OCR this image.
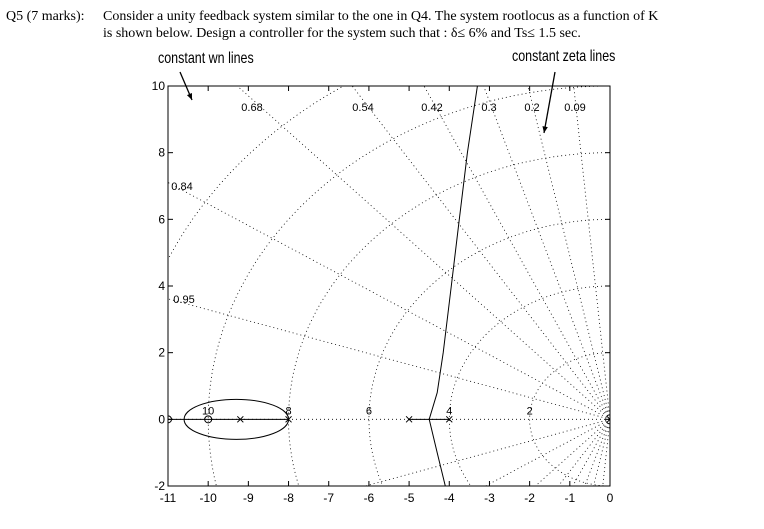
Q5 (7 marks): Consider a unity feedback system similar to the one in Q4. The system rootlocus as a function of K
is shown below. Design a controller for the system such that : δ≤ 6% and Ts≤ 1.5 sec.
constant wn lines	constant zeta lines
-11 -10 -9 -8 -7 -6 -5 -4 -3 -2 -1	0
-2
0
2
4
6
8
10
0.68	0.54	0.42	0.3	0.2 0.09
0.84
0.95
10	8	6	4	2
